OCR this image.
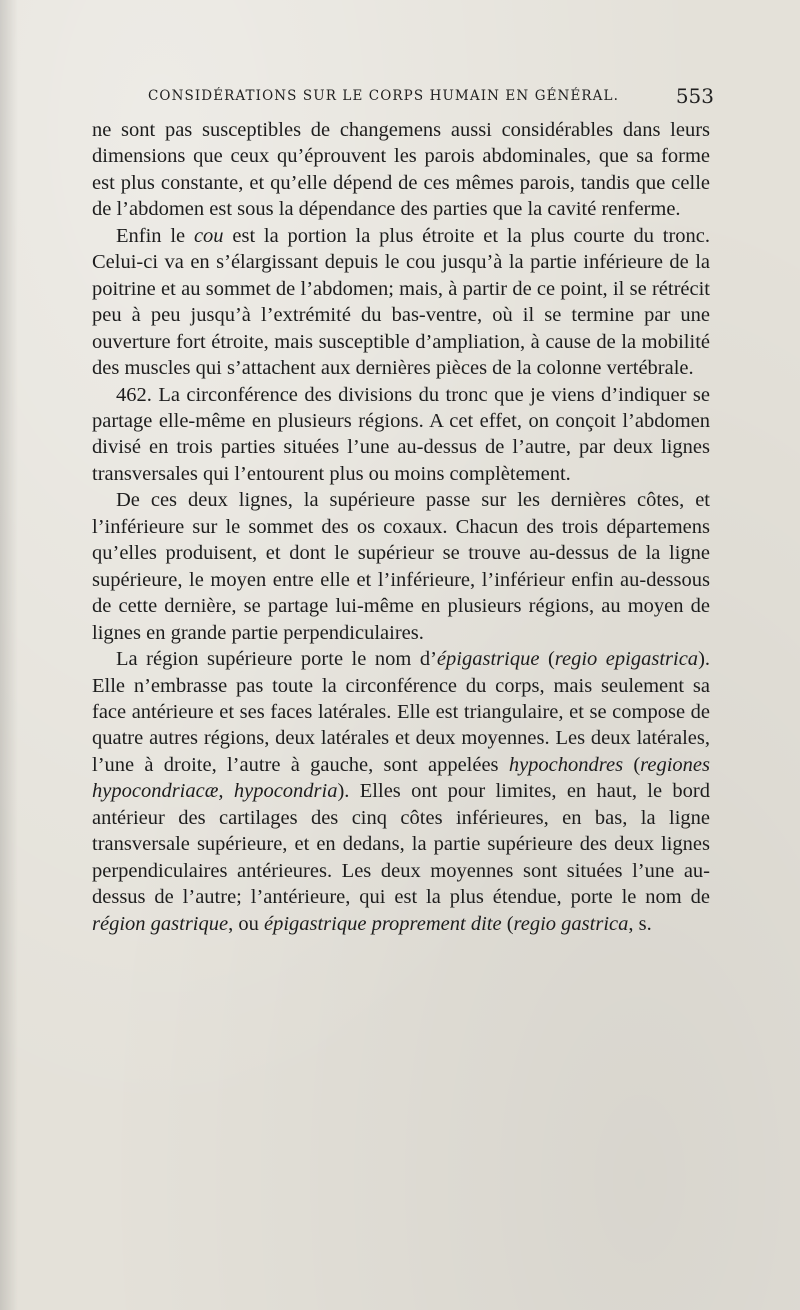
CONSIDÉRATIONS SUR LE CORPS HUMAIN EN GÉNÉRAL.	553

ne sont pas susceptibles de changemens aussi considérables dans leurs dimensions que ceux qu’éprouvent les parois abdominales, que sa forme est plus constante, et qu’elle dépend de ces mêmes parois, tandis que celle de l’abdomen est sous la dépendance des parties que la cavité renferme.

Enfin le cou est la portion la plus étroite et la plus courte du tronc. Celui-ci va en s’élargissant depuis le cou jusqu’à la partie inférieure de la poitrine et au sommet de l’abdomen; mais, à partir de ce point, il se rétrécit peu à peu jusqu’à l’extrémité du bas-ventre, où il se termine par une ouverture fort étroite, mais susceptible d’ampliation, à cause de la mobilité des muscles qui s’attachent aux dernières pièces de la colonne vertébrale.

462. La circonférence des divisions du tronc que je viens d’indiquer se partage elle-même en plusieurs régions. A cet effet, on conçoit l’abdomen divisé en trois parties situées l’une au-dessus de l’autre, par deux lignes transversales qui l’entourent plus ou moins complètement.

De ces deux lignes, la supérieure passe sur les dernières côtes, et l’inférieure sur le sommet des os coxaux. Chacun des trois départemens qu’elles produisent, et dont le supérieur se trouve au-dessus de la ligne supérieure, le moyen entre elle et l’inférieure, l’inférieur enfin au-dessous de cette dernière, se partage lui-même en plusieurs régions, au moyen de lignes en grande partie perpendiculaires.

La région supérieure porte le nom d’épigastrique (regio epigastrica). Elle n’embrasse pas toute la circonférence du corps, mais seulement sa face antérieure et ses faces latérales. Elle est triangulaire, et se compose de quatre autres régions, deux latérales et deux moyennes. Les deux latérales, l’une à droite, l’autre à gauche, sont appelées hypochondres (regiones hypocondriacæ, hypocondria). Elles ont pour limites, en haut, le bord antérieur des cartilages des cinq côtes inférieures, en bas, la ligne transversale supérieure, et en dedans, la partie supérieure des deux lignes perpendiculaires antérieures. Les deux moyennes sont situées l’une au-dessus de l’autre; l’antérieure, qui est la plus étendue, porte le nom de région gastrique, ou épigastrique proprement dite (regio gastrica, s.
